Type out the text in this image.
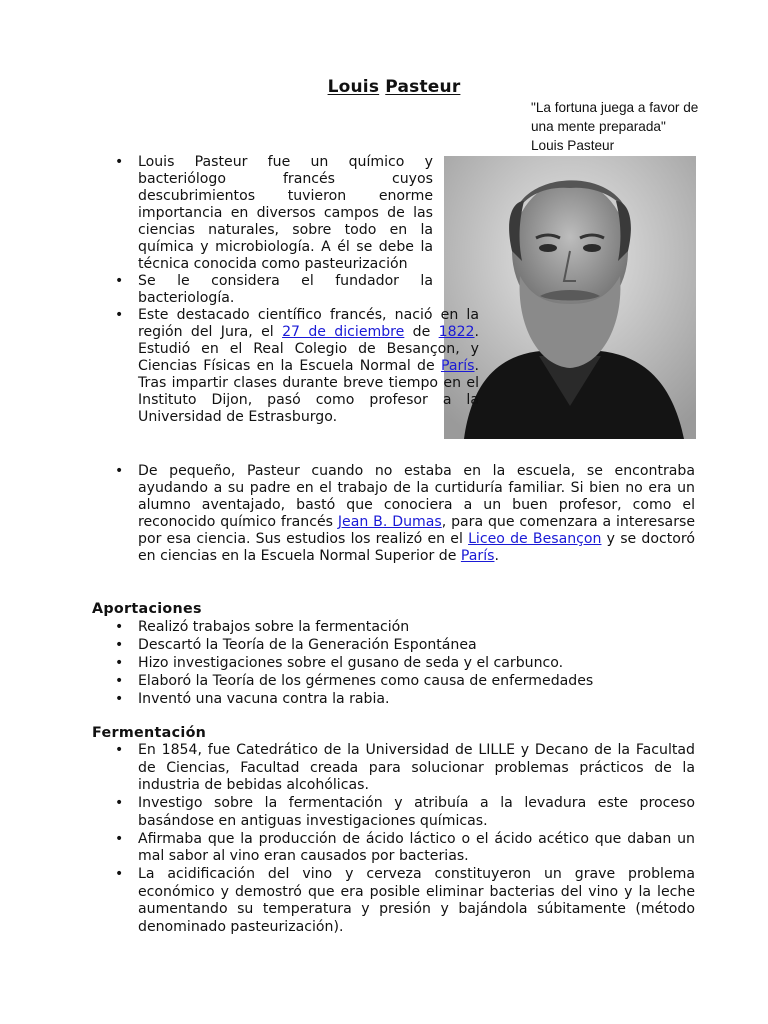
Louis Pasteur
"La fortuna juega a favor de una mente preparada"
Louis Pasteur
• Louis Pasteur fue un químico y bacteriólogo francés cuyos descubrimientos tuvieron enorme importancia en diversos campos de las ciencias naturales, sobre todo en la química y microbiología. A él se debe la técnica conocida como pasteurización
• Se le considera el fundador la bacteriología.
• Este destacado científico francés, nació en la región del Jura, el 27 de diciembre de 1822. Estudió en el Real Colegio de Besançon, y Ciencias Físicas en la Escuela Normal de París. Tras impartir clases durante breve tiempo en el Instituto Dijon, pasó como profesor a la Universidad de Estrasburgo.
• De pequeño, Pasteur cuando no estaba en la escuela, se encontraba ayudando a su padre en el trabajo de la curtiduría familiar. Si bien no era un alumno aventajado, bastó que conociera a un buen profesor, como el reconocido químico francés Jean B. Dumas, para que comenzara a interesarse por esa ciencia. Sus estudios los realizó en el Liceo de Besançon y se doctoró en ciencias en la Escuela Normal Superior de París.
Aportaciones
• Realizó trabajos sobre la fermentación
• Descartó la Teoría de la Generación Espontánea
• Hizo investigaciones sobre el gusano de seda y el carbunco.
• Elaboró la Teoría de los gérmenes como causa de enfermedades
• Inventó una vacuna contra la rabia.
Fermentación
• En 1854, fue Catedrático de la Universidad de LILLE y Decano de la Facultad de Ciencias, Facultad creada para solucionar problemas prácticos de la industria de bebidas alcohólicas.
• Investigo sobre la fermentación y atribuía a la levadura este proceso basándose en antiguas investigaciones químicas.
• Afirmaba que la producción de ácido láctico o el ácido acético que daban un mal sabor al vino eran causados por bacterias.
• La acidificación del vino y cerveza constituyeron un grave problema económico y demostró que era posible eliminar bacterias del vino y la leche aumentando su temperatura y presión y bajándola súbitamente (método denominado pasteurización).
